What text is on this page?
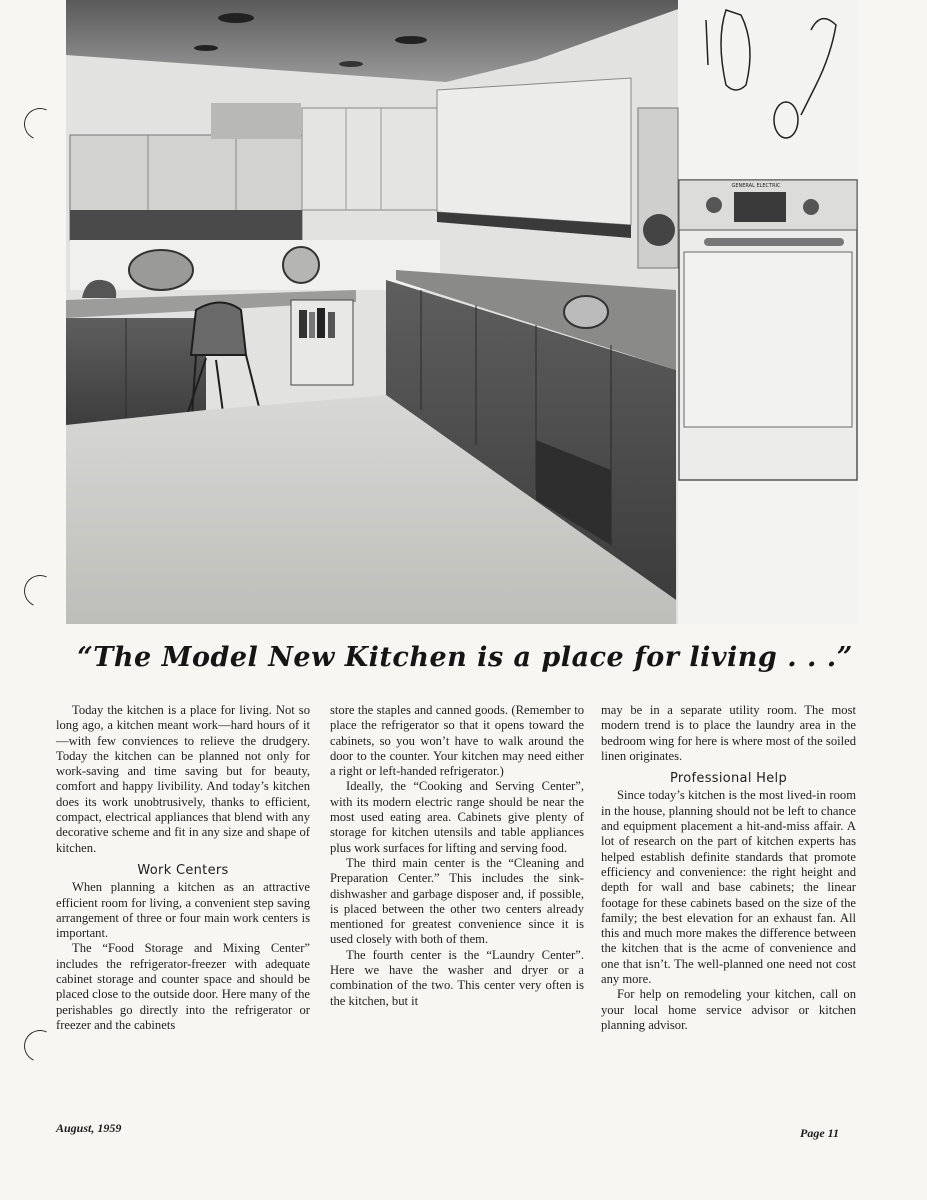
GENERAL ELECTRIC
“The Model New Kitchen is a place for living . . .”

Today the kitchen is a place for living. Not so long ago, a kitchen meant work—hard hours of it—with few conviences to relieve the drudgery. Today the kitchen can be planned not only for work-saving and time saving but for beauty, comfort and happy livibility. And today’s kitchen does its work unobtrusively, thanks to efficient, compact, electrical appliances that blend with any decorative scheme and fit in any size and shape of kitchen.

Work Centers

When planning a kitchen as an attractive efficient room for living, a convenient step saving arrangement of three or four main work centers is important.

The “Food Storage and Mixing Center” includes the refrigerator-freezer with adequate cabinet storage and counter space and should be placed close to the outside door. Here many of the perishables go directly into the refrigerator or freezer and the cabinets

store the staples and canned goods. (Remember to place the refrigerator so that it opens toward the cabinets, so you won’t have to walk around the door to the counter. Your kitchen may need either a right or left-handed refrigerator.)

Ideally, the “Cooking and Serving Center”, with its modern electric range should be near the most used eating area. Cabinets give plenty of storage for kitchen utensils and table appliances plus work surfaces for lifting and serving food.

The third main center is the “Cleaning and Preparation Center.” This includes the sink-dishwasher and garbage disposer and, if possible, is placed between the other two centers already mentioned for greatest convenience since it is used closely with both of them.

The fourth center is the “Laundry Center”. Here we have the washer and dryer or a combination of the two. This center very often is the kitchen, but it

may be in a separate utility room. The most modern trend is to place the laundry area in the bedroom wing for here is where most of the soiled linen originates.

Professional Help

Since today’s kitchen is the most lived-in room in the house, planning should not be left to chance and equipment placement a hit-and-miss affair. A lot of research on the part of kitchen experts has helped establish definite standards that promote efficiency and convenience: the right height and depth for wall and base cabinets; the linear footage for these cabinets based on the size of the family; the best elevation for an exhaust fan. All this and much more makes the difference between the kitchen that is the acme of convenience and one that isn’t. The well-planned one need not cost any more.

For help on remodeling your kitchen, call on your local home service advisor or kitchen planning advisor.

August, 1959	Page 11
